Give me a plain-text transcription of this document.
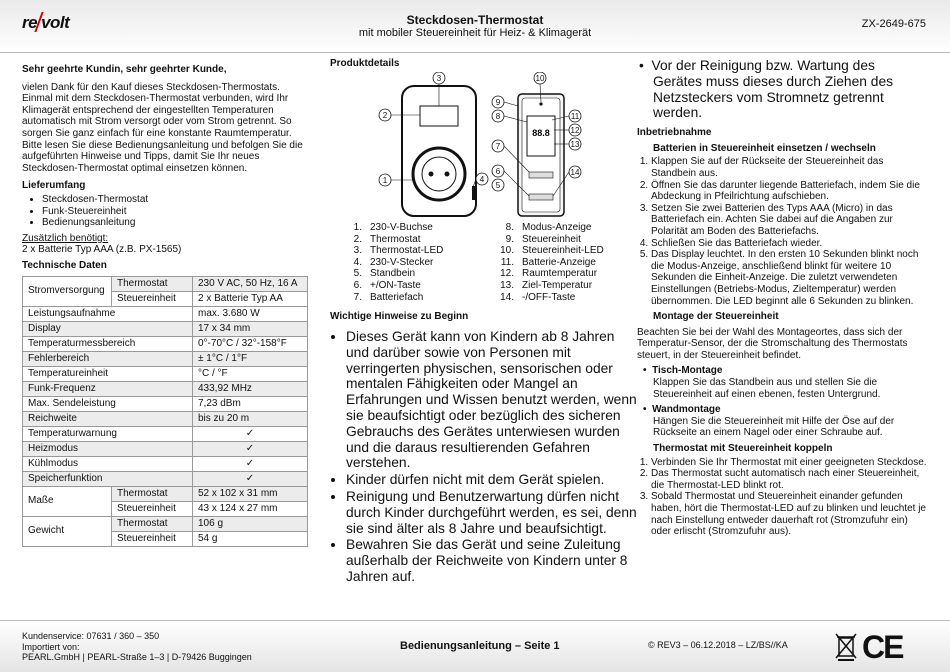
re volt	Steckdosen-Thermostat
mit mobiler Steuereinheit für Heiz- & Klimagerät
ZX-2649-675

Sehr geehrte Kundin, sehr geehrter Kunde,

vielen Dank für den Kauf dieses Steckdosen-Thermostats. Einmal mit dem Steckdosen-Thermostat verbunden, wird Ihr Klimagerät entsprechend der eingestellten Temperaturen automatisch mit Strom versorgt oder vom Strom getrennt. So sorgen Sie ganz einfach für eine konstante Raumtemperatur. Bitte lesen Sie diese Bedienungsanleitung und befolgen Sie die aufgeführten Hinweise und Tipps, damit Sie Ihr neues Steckdosen-Thermostat optimal einsetzen können.

Lieferumfang

• Steckdosen-Thermostat
• Funk-Steuereinheit
• Bedienungsanleitung

Zusätzlich benötigt:

2 x Batterie Typ AAA (z.B. PX-1565)

Technische Daten

Stromversorgung	Thermostat	230 V AC, 50 Hz, 16 A
	Steuereinheit	2 x Batterie Typ AA
Leistungsaufnahme		max. 3.680 W
Display		17 x 34 mm
Temperaturmessbereich		0°-70°C / 32°-158°F
Fehlerbereich		± 1°C / 1°F
Temperatureinheit		°C / °F
Funk-Frequenz		433,92 MHz
Max. Sendeleistung		7,23 dBm
Reichweite		bis zu 20 m
Temperaturwarnung		✓
Heizmodus		✓
Kühlmodus		✓
Speicherfunktion		✓
Maße	Thermostat	52 x 102 x 31 mm
	Steuereinheit	43 x 124 x 27 mm
Gewicht	Thermostat	106 g
	Steuereinheit	54 g
Produktdetails
88.8
1
2
3
4
5
6
7
8
9
10
11
12
13
14
1. 230-V-Buchse	8. Modus-Anzeige
2. Thermostat	9. Steuereinheit
3. Thermostat-LED	10. Steuereinheit-LED
4. 230-V-Stecker	11. Batterie-Anzeige
5. Standbein	12. Raumtemperatur
6. +/ON-Taste	13. Ziel-Temperatur
7. Batteriefach	14. -/OFF-Taste
Wichtige Hinweise zu Beginn
• Dieses Gerät kann von Kindern ab 8 Jahren und darüber sowie von Personen mit verringerten physischen, sensorischen oder mentalen Fähigkeiten oder Mangel an Erfahrungen und Wissen benutzt werden, wenn sie beaufsichtigt oder bezüglich des sicheren Gebrauchs des Gerätes unterwiesen wurden und die daraus resultierenden Gefahren verstehen.
• Kinder dürfen nicht mit dem Gerät spielen.
• Reinigung und Benutzerwartung dürfen nicht durch Kinder durchgeführt werden, es sei, denn sie sind älter als 8 Jahre und beaufsichtigt.
• Bewahren Sie das Gerät und seine Zuleitung außerhalb der Reichweite von Kindern unter 8 Jahren auf.
•  Vor der Reinigung bzw. Wartung des Gerätes muss dieses durch Ziehen des Netzsteckers vom Stromnetz getrennt werden.

Inbetriebnahme

Batterien in Steuereinheit einsetzen / wechseln

1. Klappen Sie auf der Rückseite der Steuereinheit das Standbein aus.
2. Öffnen Sie das darunter liegende Batteriefach, indem Sie die Abdeckung in Pfeilrichtung aufschieben.
3. Setzen Sie zwei Batterien des Typs AAA (Micro) in das Batteriefach ein. Achten Sie dabei auf die Angaben zur Polarität am Boden des Batteriefachs.
4. Schließen Sie das Batteriefach wieder.
5. Das Display leuchtet. In den ersten 10 Sekunden blinkt noch die Modus-Anzeige, anschließend blinkt für weitere 10 Sekunden die Einheit-Anzeige. Die zuletzt verwendeten Einstellungen (Betriebs-Modus, Zieltemperatur) werden übernommen. Die LED beginnt alle 6 Sekunden zu blinken.

Montage der Steuereinheit

Beachten Sie bei der Wahl des Montageortes, dass sich der Temperatur-Sensor, der die Stromschaltung des Thermostats steuert, in der Steuereinheit befindet.

•  Tisch-Montage

Klappen Sie das Standbein aus und stellen Sie die Steuereinheit auf einen ebenen, festen Untergrund.

•  Wandmontage

Hängen Sie die Steuereinheit mit Hilfe der Öse auf der Rückseite an einem Nagel oder einer Schraube auf.

Thermostat mit Steuereinheit koppeln

1. Verbinden Sie Ihr Thermostat mit einer geeigneten Steckdose.
2. Das Thermostat sucht automatisch nach einer Steuereinheit, die Thermostat-LED blinkt rot.
3. Sobald Thermostat und Steuereinheit einander gefunden haben, hört die Thermostat-LED auf zu blinken und leuchtet je nach Einstellung entweder dauerhaft rot (Stromzufuhr ein) oder erlischt (Stromzufuhr aus).
Kundenservice: 07631 / 360 – 350
Importiert von:
PEARL.GmbH | PEARL-Straße 1–3 | D-79426 Buggingen
Bedienungsanleitung – Seite 1	© REV3 – 06.12.2018 – LZ/BS//KA CE
